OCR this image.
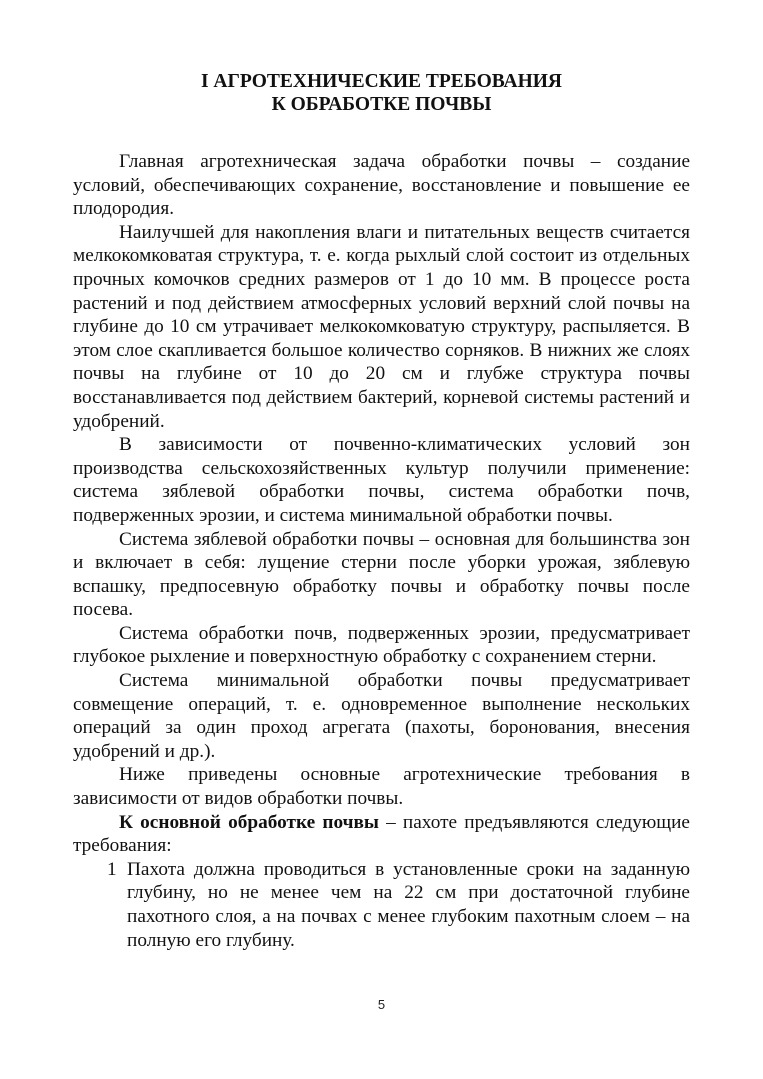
I АГРОТЕХНИЧЕСКИЕ ТРЕБОВАНИЯ
К ОБРАБОТКЕ ПОЧВЫ

Главная агротехническая задача обработки почвы – создание условий, обеспечивающих сохранение, восстановление и повышение ее плодородия.

Наилучшей для накопления влаги и питательных веществ считается мелкокомковатая структура, т. е. когда рыхлый слой состоит из отдельных прочных комочков средних размеров от 1 до 10 мм. В процессе роста растений и под действием атмосферных условий верхний слой почвы на глубине до 10 см утрачивает мелкокомковатую структуру, распыляется. В этом слое скапливается большое количество сорняков. В нижних же слоях почвы на глубине от 10 до 20 см и глубже структура почвы восстанавливается под действием бактерий, корневой системы растений и удобрений.

В зависимости от почвенно-климатических условий зон производства сельскохозяйственных культур получили применение: система зяблевой обработки почвы, система обработки почв, подверженных эрозии, и система минимальной обработки почвы.

Система зяблевой обработки почвы – основная для большинства зон и включает в себя: лущение стерни после уборки урожая, зяблевую вспашку, предпосевную обработку почвы и обработку почвы после посева.

Система обработки почв, подверженных эрозии, предусматривает глубокое рыхление и поверхностную обработку с сохранением стерни.

Система минимальной обработки почвы предусматривает совмещение операций, т. е. одновременное выполнение нескольких операций за один проход агрегата (пахоты, боронования, внесения удобрений и др.).

Ниже приведены основные агротехнические требования в зависимости от видов обработки почвы.

К основной обработке почвы – пахоте предъявляются следующие требования:

1 Пахота должна проводиться в установленные сроки на заданную глубину, но не менее чем на 22 см при достаточной глубине пахотного слоя, а на почвах с менее глубоким пахотным слоем – на полную его глубину.

5
